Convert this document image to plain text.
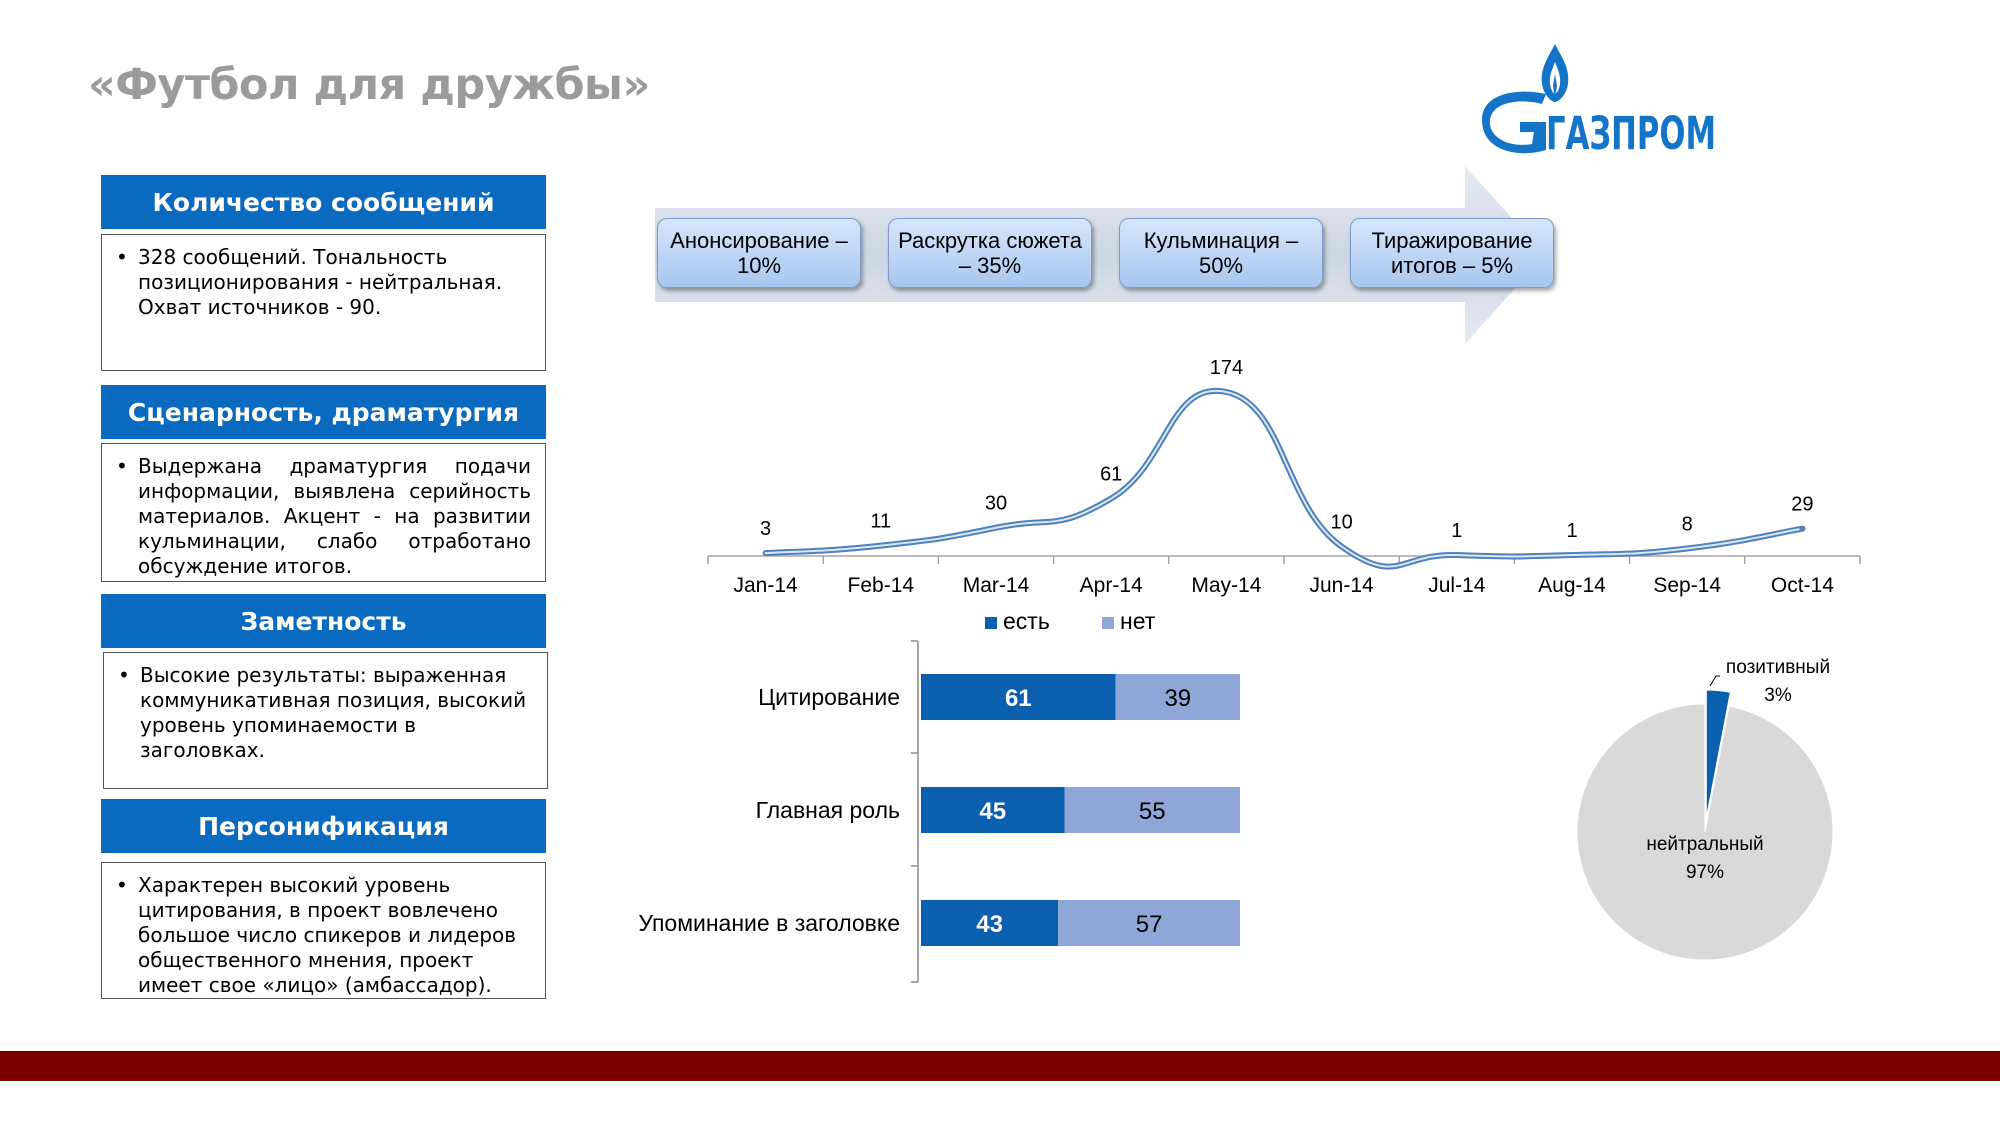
«Футбол для дружбы»
ГАЗПРОМ
Количество сообщений
• 328 сообщений. Тональность позиционирования - нейтральная. Охват источников - 90.

Сценарность, драматургия
• Выдержана драматургия подачи информации, выявлена серийность материалов. Акцент - на развитии кульминации, слабо отработано обсуждение итогов.

Заметность
• Высокие результаты: выраженная коммуникативная позиция, высокий уровень упоминаемости в заголовках.

Персонификация
• Характерен высокий уровень цитирования, в проект вовлечено большое число спикеров и лидеров общественного мнения, проект имеет свое «лицо» (амбассадор).

Анонсирование – 10%
Раскрутка сюжета – 35%
Кульминация – 50%
Тиражирование итогов – 5%
3
Jan-14
11
Feb-14
30
Mar-14
61
Apr-14
174
May-14
10
Jun-14
1
Jul-14
1
Aug-14
8
Sep-14
29
Oct-14
есть	нет
Цитирование	61	39
Главная роль	45	55
Упоминание в заголовке	43	57
позитивный
3%
нейтральный
97%
